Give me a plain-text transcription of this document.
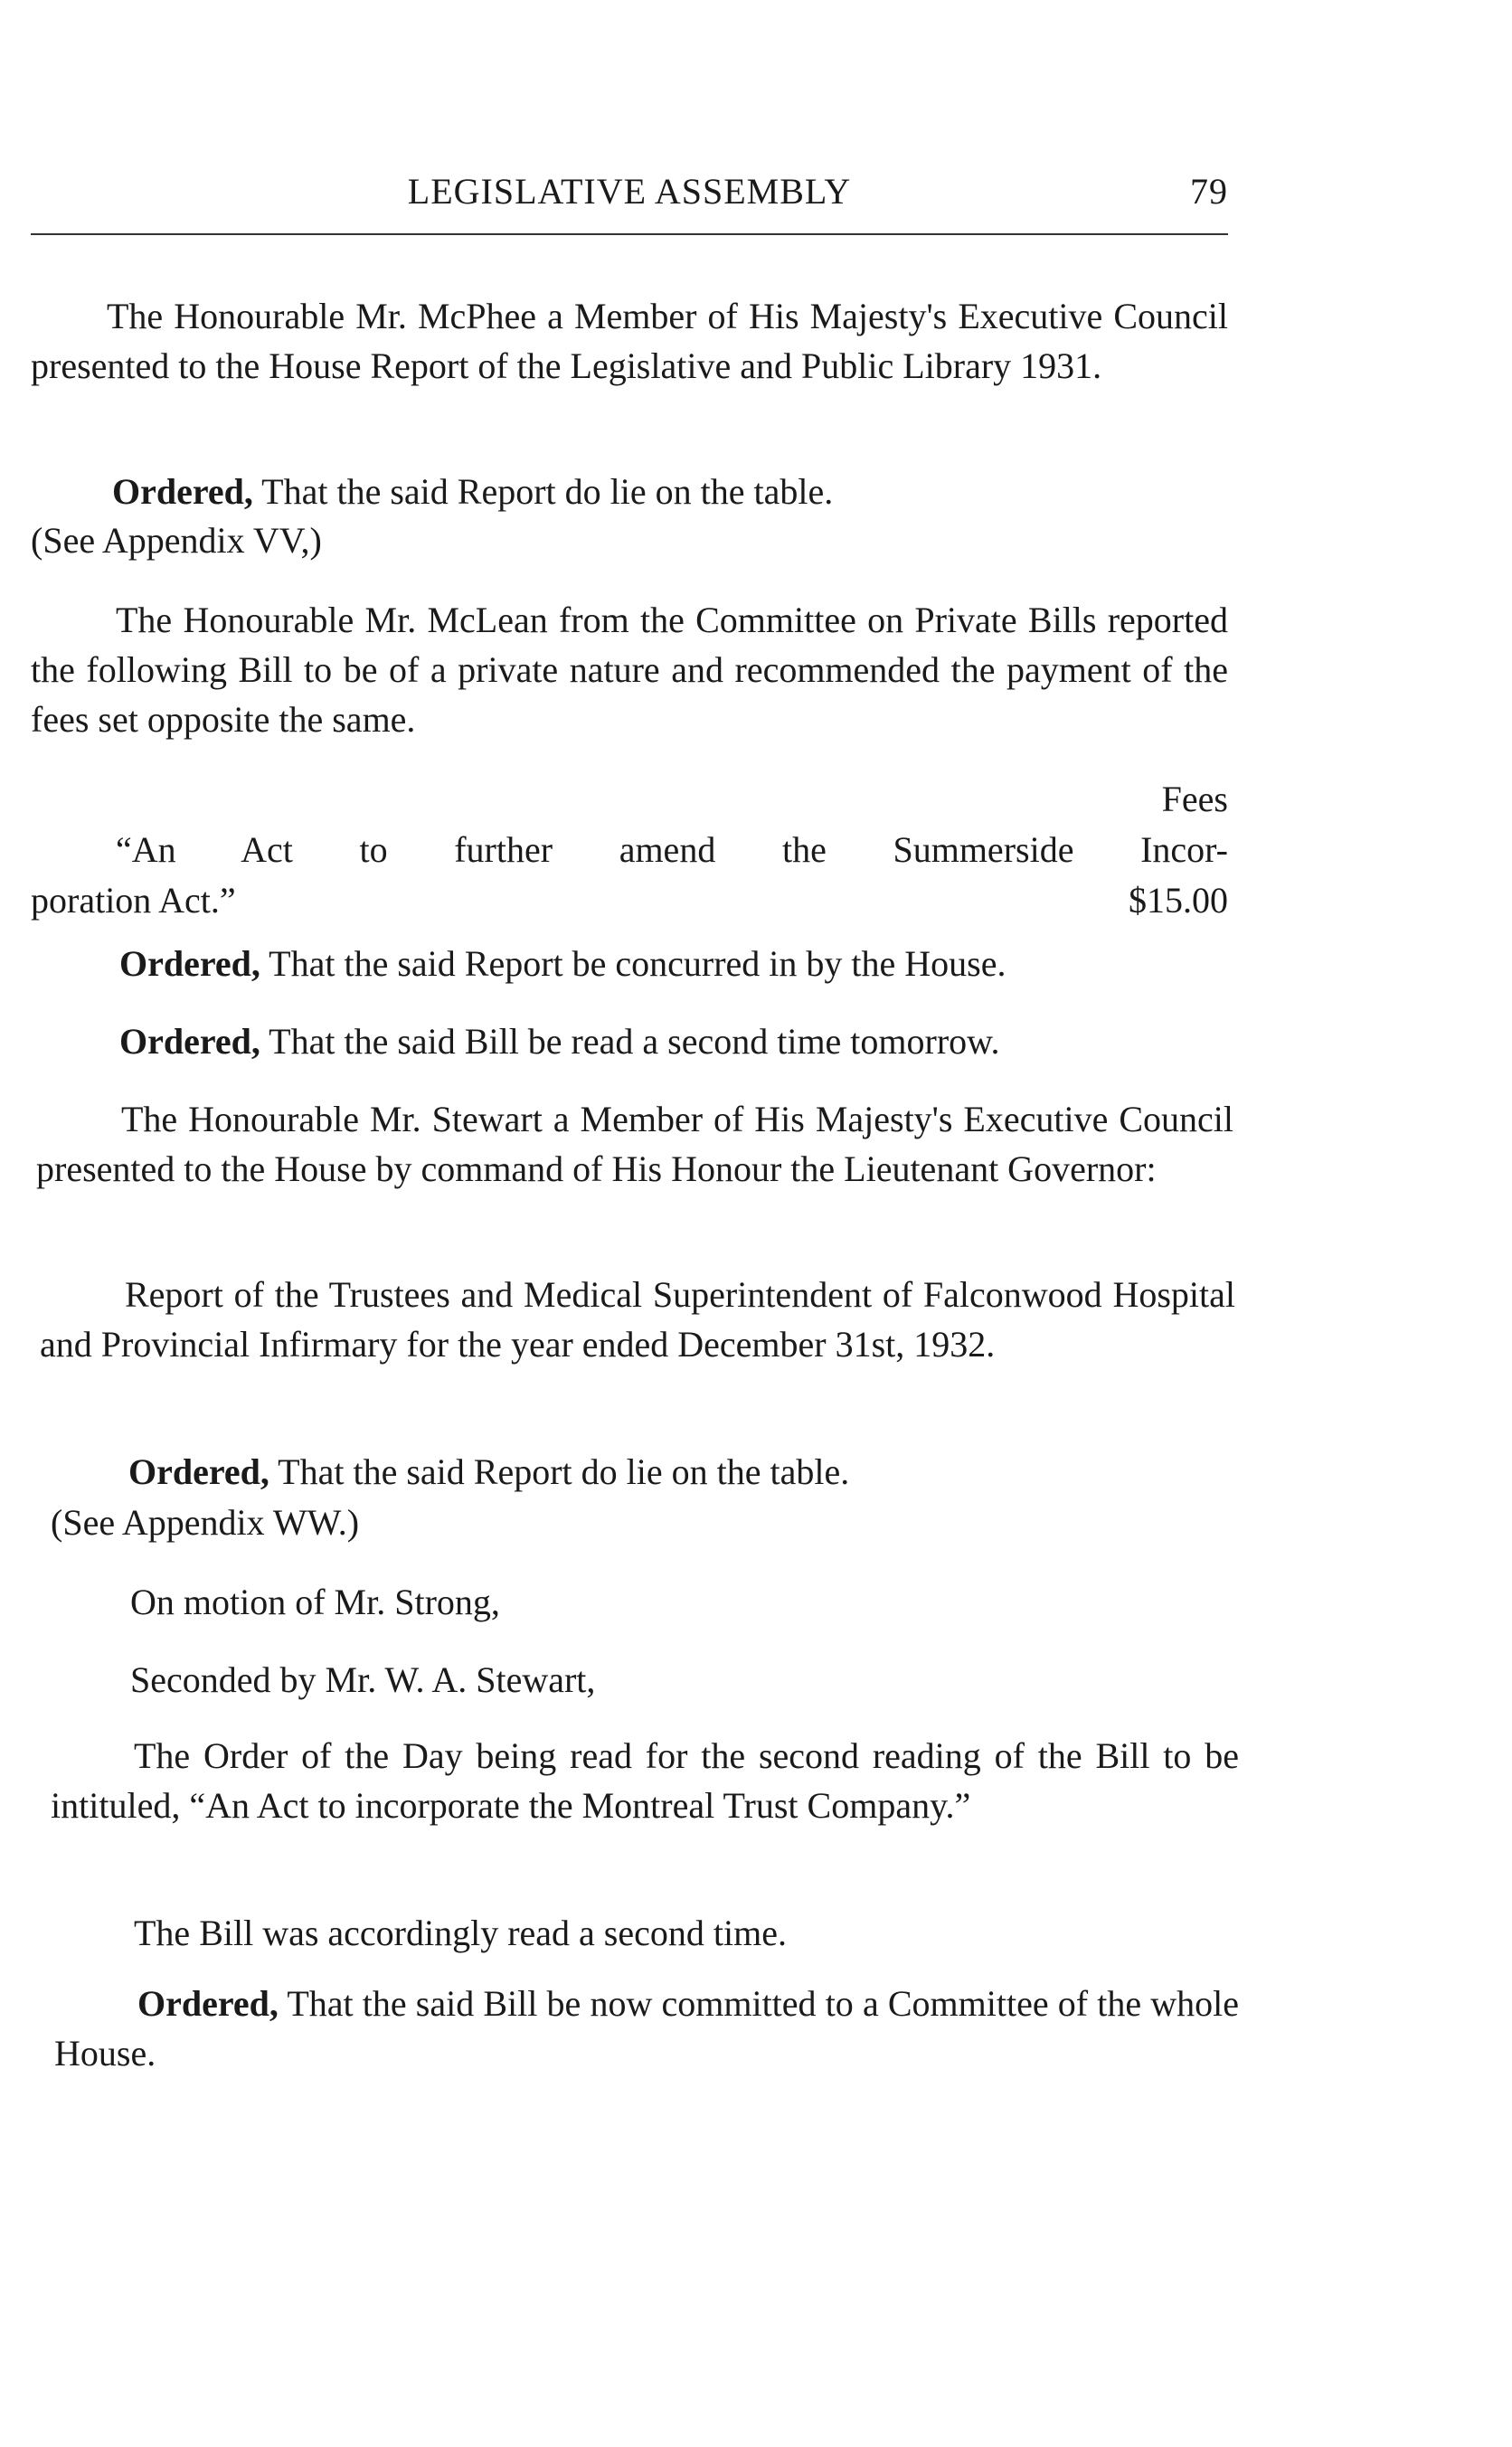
LEGISLATIVE ASSEMBLY	79

The Honourable Mr. McPhee a Member of His Majesty's Executive Council presented to the House Report of the Legislative and Public Library 1931.

Ordered, That the said Report do lie on the table.

(See Appendix VV,)

The Honourable Mr. McLean from the Committee on Private Bills reported the following Bill to be of a private nature and recommended the payment of the fees set opposite the same.

Fees

“An Act to further amend the Summerside Incor-

poration Act.”	$15.00

Ordered, That the said Report be concurred in by the House.

Ordered, That the said Bill be read a second time tomorrow.

The Honourable Mr. Stewart a Member of His Majesty's Executive Council presented to the House by command of His Honour the Lieutenant Governor:

Report of the Trustees and Medical Superintendent of Falconwood Hospital and Provincial Infirmary for the year ended December 31st, 1932.

Ordered, That the said Report do lie on the table.

(See Appendix WW.)
On motion of Mr. Strong,
Seconded by Mr. W. A. Stewart,

The Order of the Day being read for the second reading of the Bill to be intituled, “An Act to incorporate the Montreal Trust Company.”

The Bill was accordingly read a second time.

Ordered, That the said Bill be now committed to a Committee of the whole House.
